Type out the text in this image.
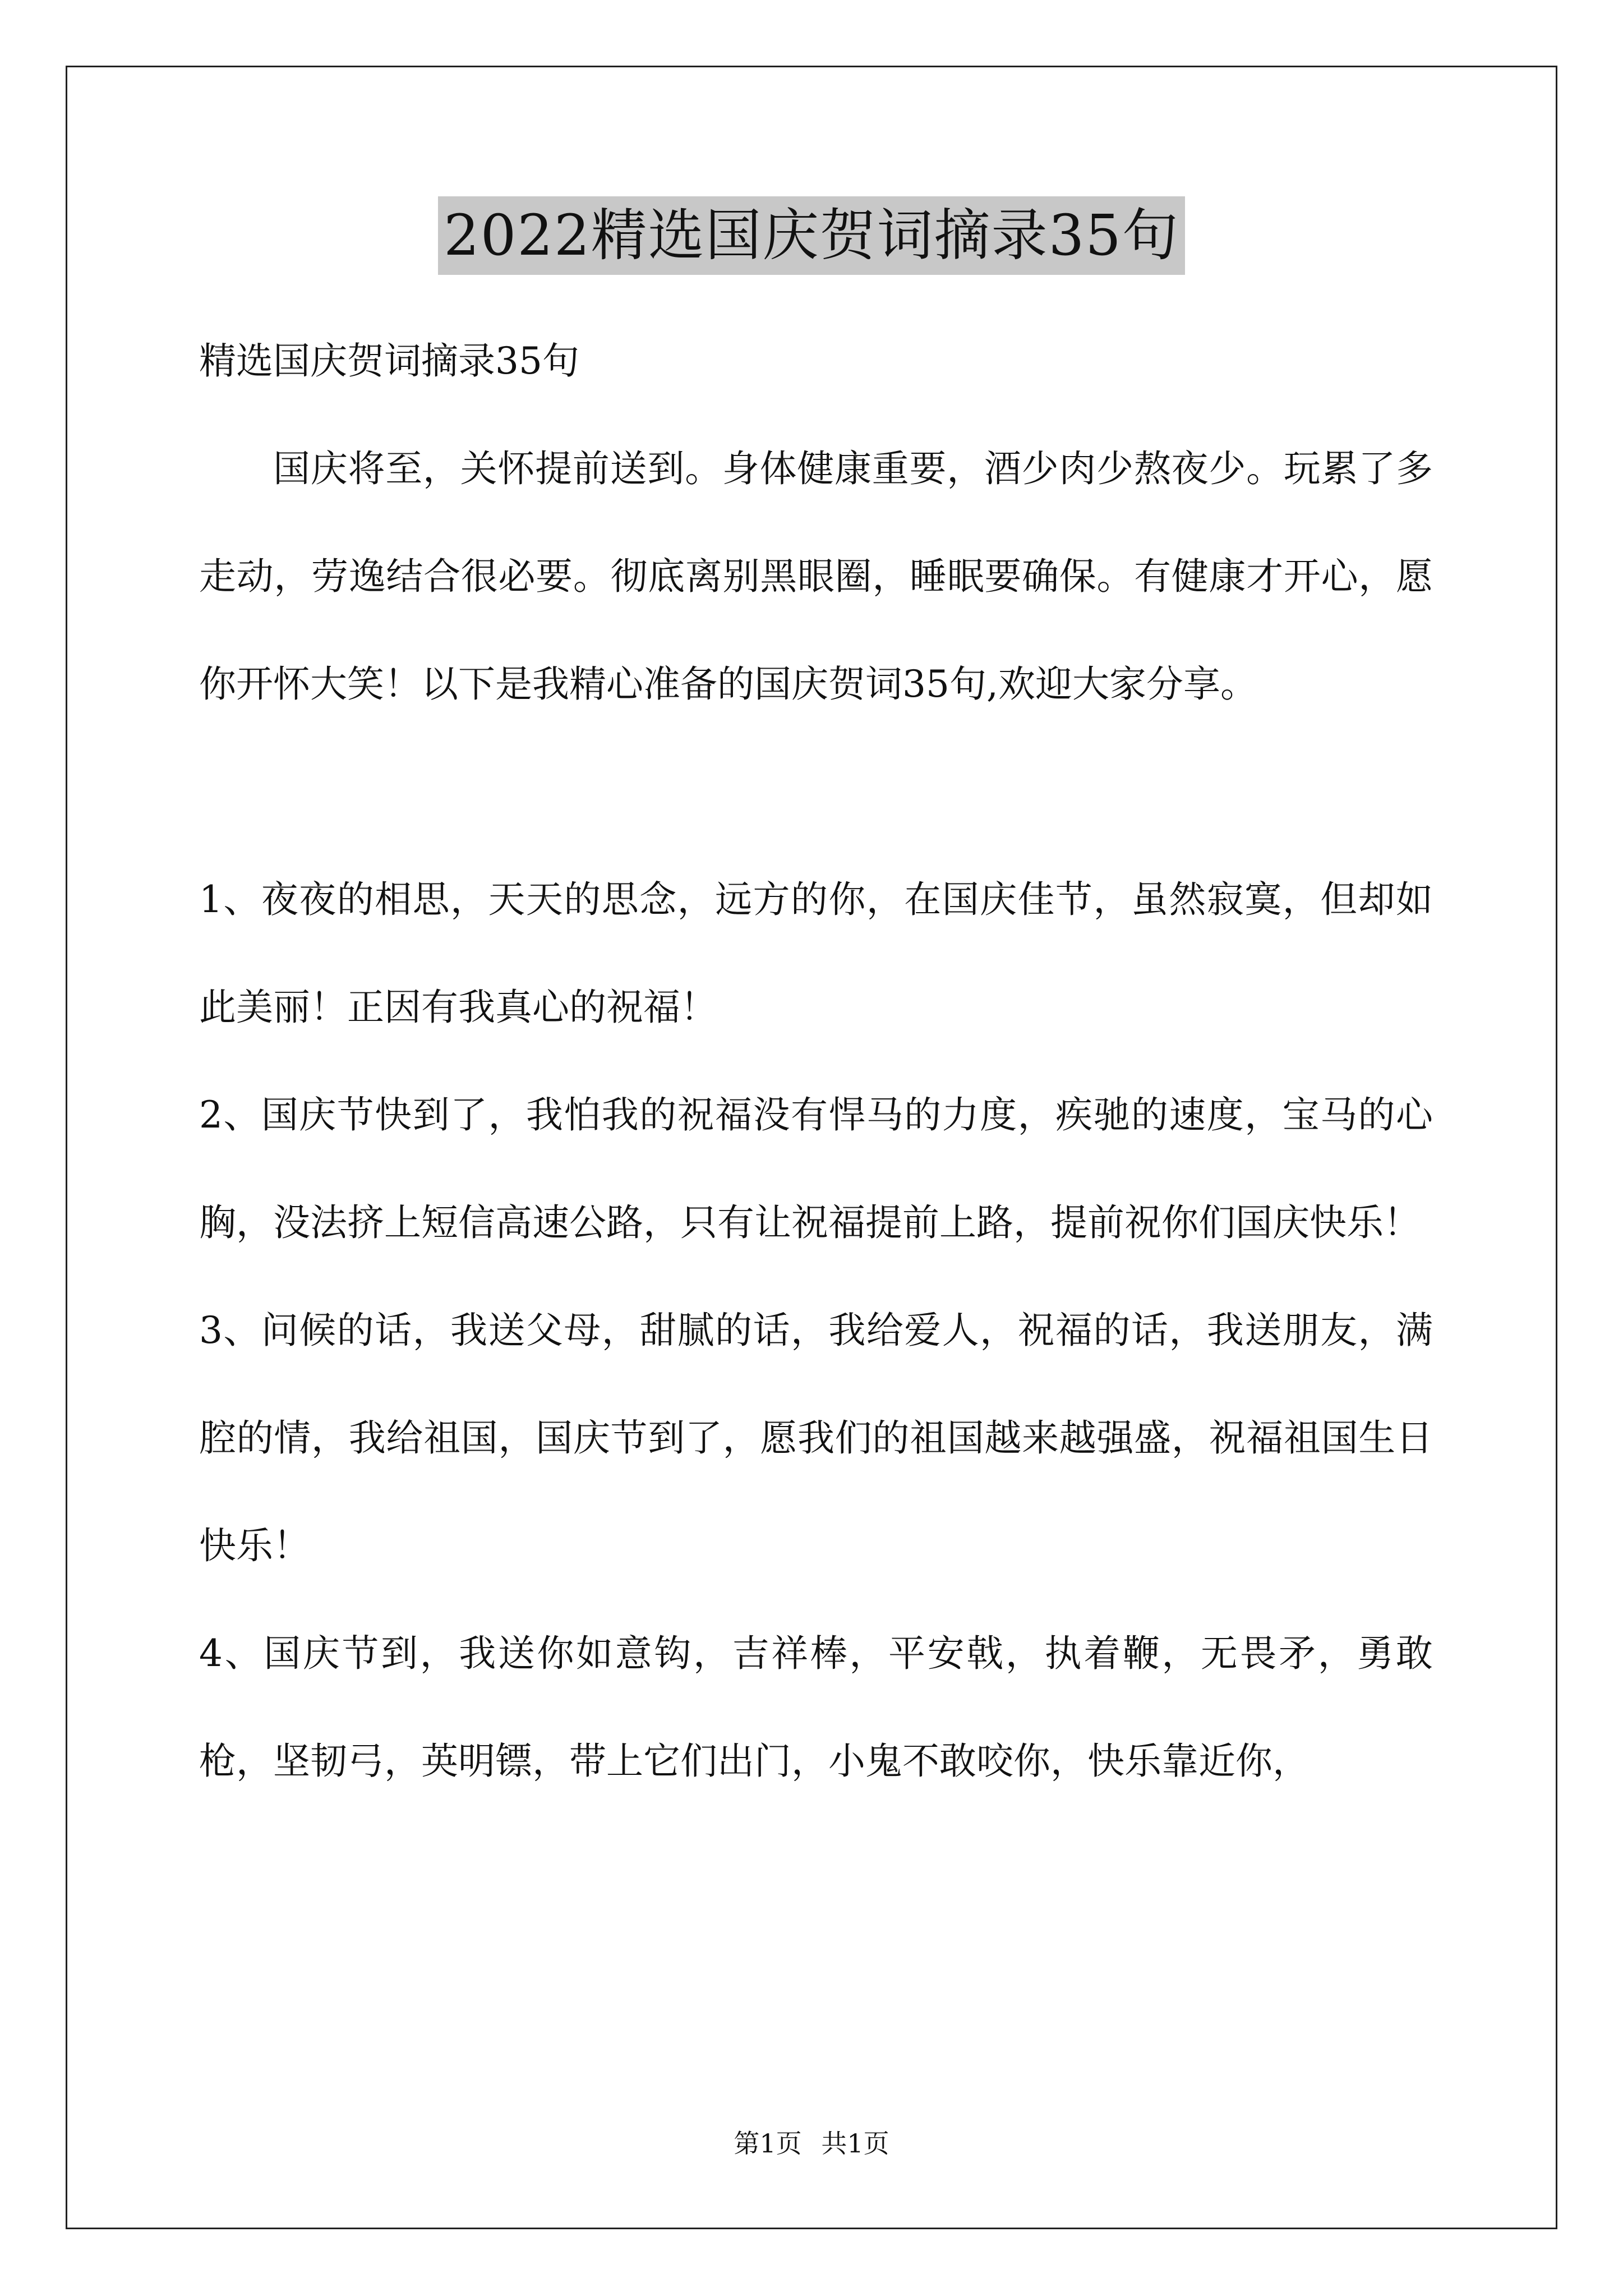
2022精选国庆贺词摘录35句

精选国庆贺词摘录35句

国庆将至，关怀提前送到。身体健康重要，酒少肉少熬夜少。玩累了多走动，劳逸结合很必要。彻底离别黑眼圈，睡眠要确保。有健康才开心，愿你开怀大笑！以下是我精心准备的国庆贺词35句,欢迎大家分享。

1、夜夜的相思，天天的思念，远方的你，在国庆佳节，虽然寂寞，但却如此美丽！正因有我真心的祝福！

2、国庆节快到了，我怕我的祝福没有悍马的力度，疾驰的速度，宝马的心胸，没法挤上短信高速公路，只有让祝福提前上路，提前祝你们国庆快乐！

3、问候的话，我送父母，甜腻的话，我给爱人，祝福的话，我送朋友，满腔的情，我给祖国，国庆节到了，愿我们的祖国越来越强盛，祝福祖国生日快乐！

4、国庆节到，我送你如意钩，吉祥棒，平安戟，执着鞭，无畏矛，勇敢枪，坚韧弓，英明镖，带上它们出门，小鬼不敢咬你，快乐靠近你，

第1页 共1页
